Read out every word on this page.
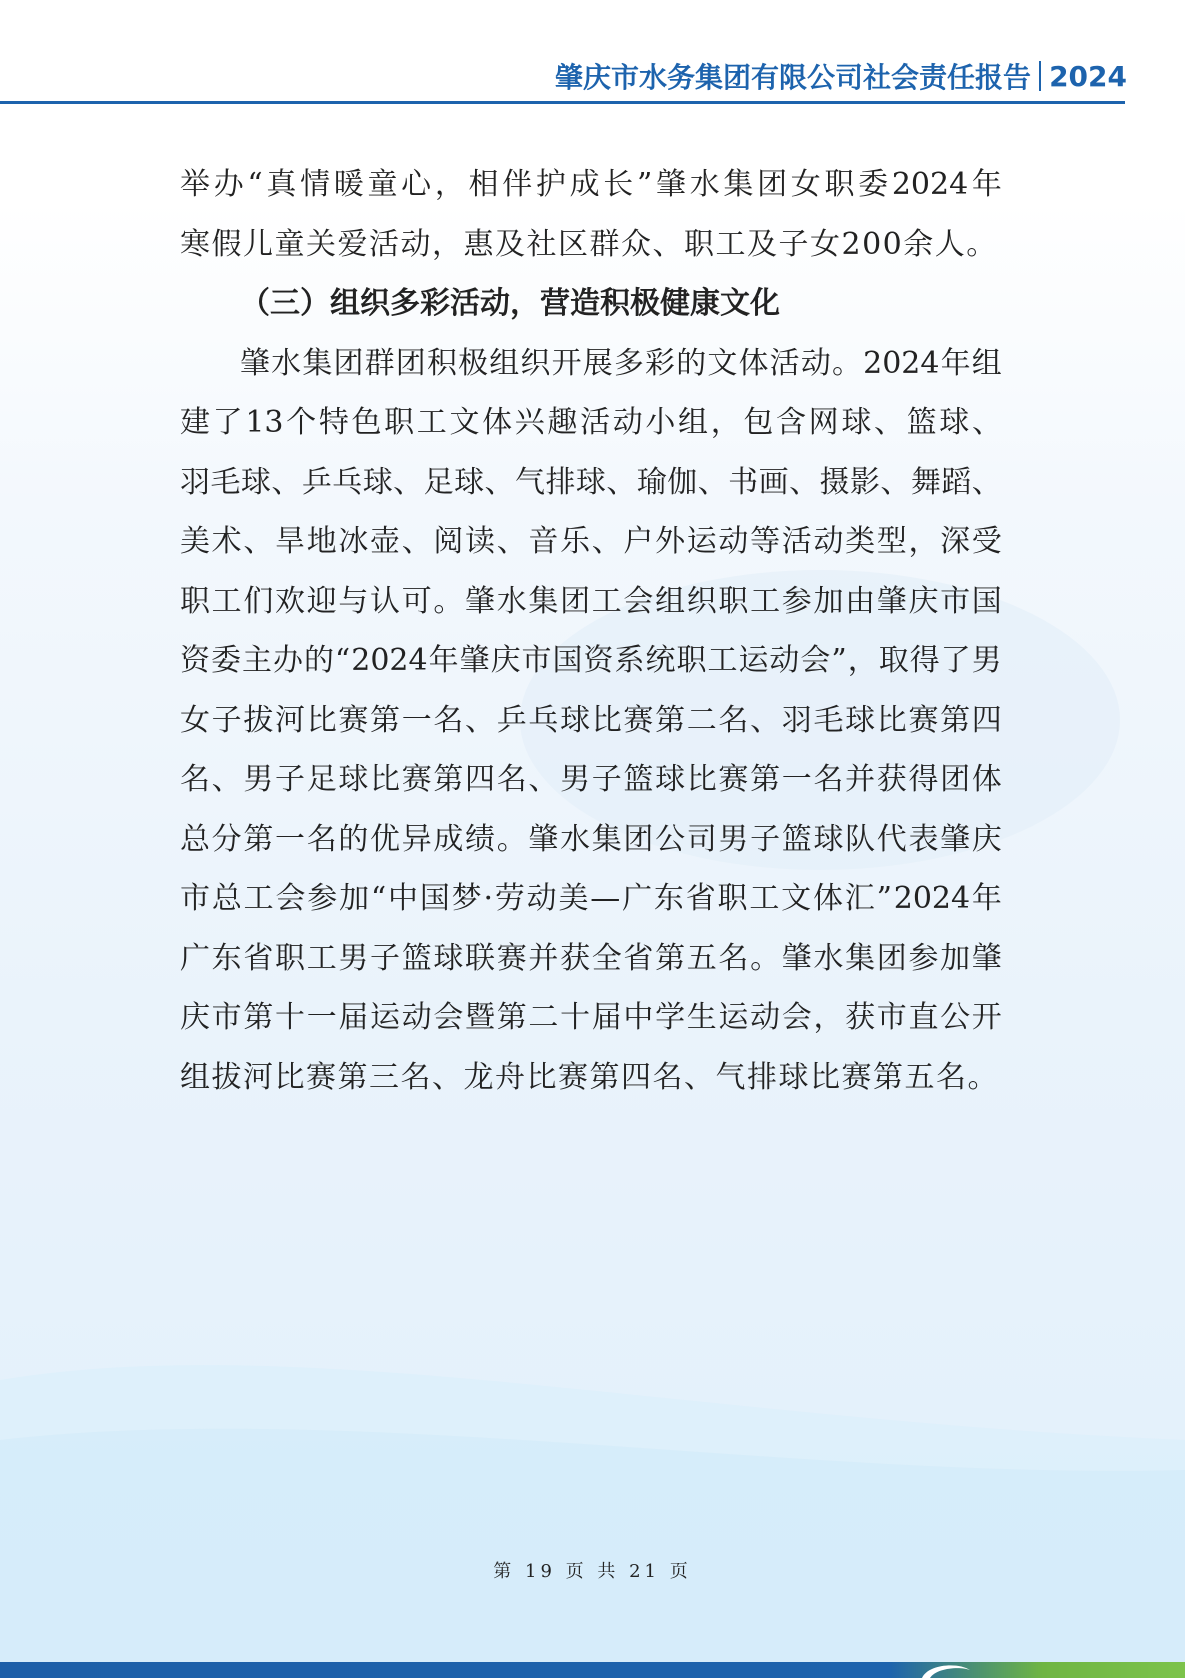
肇庆市水务集团有限公司社会责任报告 2024
举 办 “ 真 情 暖 童 心 ， 相 伴 护 成 长 ” 肇 水 集 团 女 职 委 2024 年
寒 假 儿 童 关 爱 活 动 ， 惠 及 社 区 群 众 、 职 工 及 子 女 200 余 人 。
（三）组织多彩活动，营造积极健康文化
肇 水 集 团 群 团 积 极 组 织 开 展 多 彩 的 文 体 活 动 。 2024 年 组
建 了 13 个 特 色 职 工 文 体 兴 趣 活 动 小 组 ， 包 含 网 球 、 篮 球 、
羽 毛 球 、 乒 乓 球 、 足 球 、 气 排 球 、 瑜 伽 、 书 画 、 摄 影 、 舞 蹈 、
美 术 、 旱 地 冰 壶 、 阅 读 、 音 乐 、 户 外 运 动 等 活 动 类 型 ， 深 受
职 工 们 欢 迎 与 认 可 。 肇 水 集 团 工 会 组 织 职 工 参 加 由 肇 庆 市 国
资 委 主 办 的 “ 2024 年 肇 庆 市 国 资 系 统 职 工 运 动 会 ” ， 取 得 了 男
女 子 拔 河 比 赛 第 一 名 、 乒 乓 球 比 赛 第 二 名 、 羽 毛 球 比 赛 第 四
名 、 男 子 足 球 比 赛 第 四 名 、 男 子 篮 球 比 赛 第 一 名 并 获 得 团 体
总 分 第 一 名 的 优 异 成 绩 。 肇 水 集 团 公 司 男 子 篮 球 队 代 表 肇 庆
市 总 工 会 参 加 “ 中 国 梦 · 劳 动 美 — 广 东 省 职 工 文 体 汇 ” 2024 年
广 东 省 职 工 男 子 篮 球 联 赛 并 获 全 省 第 五 名 。 肇 水 集 团 参 加 肇
庆 市 第 十 一 届 运 动 会 暨 第 二 十 届 中 学 生 运 动 会 ， 获 市 直 公 开
组 拔 河 比 赛 第 三 名 、 龙 舟 比 赛 第 四 名 、 气 排 球 比 赛 第 五 名 。
第 19 页 共 21 页
